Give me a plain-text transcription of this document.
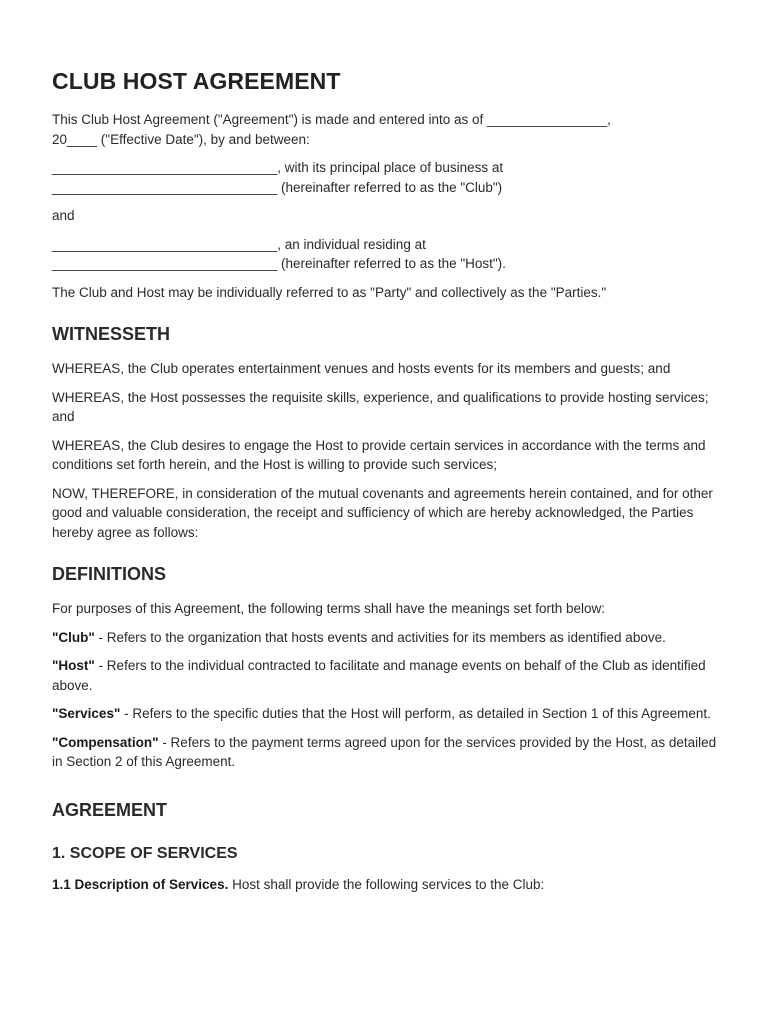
CLUB HOST AGREEMENT

This Club Host Agreement ("Agreement") is made and entered into as of ________________,
20____ ("Effective Date"), by and between:

______________________________, with its principal place of business at
______________________________ (hereinafter referred to as the "Club")

and

______________________________, an individual residing at
______________________________ (hereinafter referred to as the "Host").

The Club and Host may be individually referred to as "Party" and collectively as the "Parties."

WITNESSETH

WHEREAS, the Club operates entertainment venues and hosts events for its members and guests; and

WHEREAS, the Host possesses the requisite skills, experience, and qualifications to provide hosting services; and

WHEREAS, the Club desires to engage the Host to provide certain services in accordance with the terms and conditions set forth herein, and the Host is willing to provide such services;

NOW, THEREFORE, in consideration of the mutual covenants and agreements herein contained, and for other good and valuable consideration, the receipt and sufficiency of which are hereby acknowledged, the Parties hereby agree as follows:

DEFINITIONS

For purposes of this Agreement, the following terms shall have the meanings set forth below:

"Club" - Refers to the organization that hosts events and activities for its members as identified above.

"Host" - Refers to the individual contracted to facilitate and manage events on behalf of the Club as identified above.

"Services" - Refers to the specific duties that the Host will perform, as detailed in Section 1 of this Agreement.

"Compensation" - Refers to the payment terms agreed upon for the services provided by the Host, as detailed in Section 2 of this Agreement.

AGREEMENT
1. SCOPE OF SERVICES

1.1 Description of Services. Host shall provide the following services to the Club:
